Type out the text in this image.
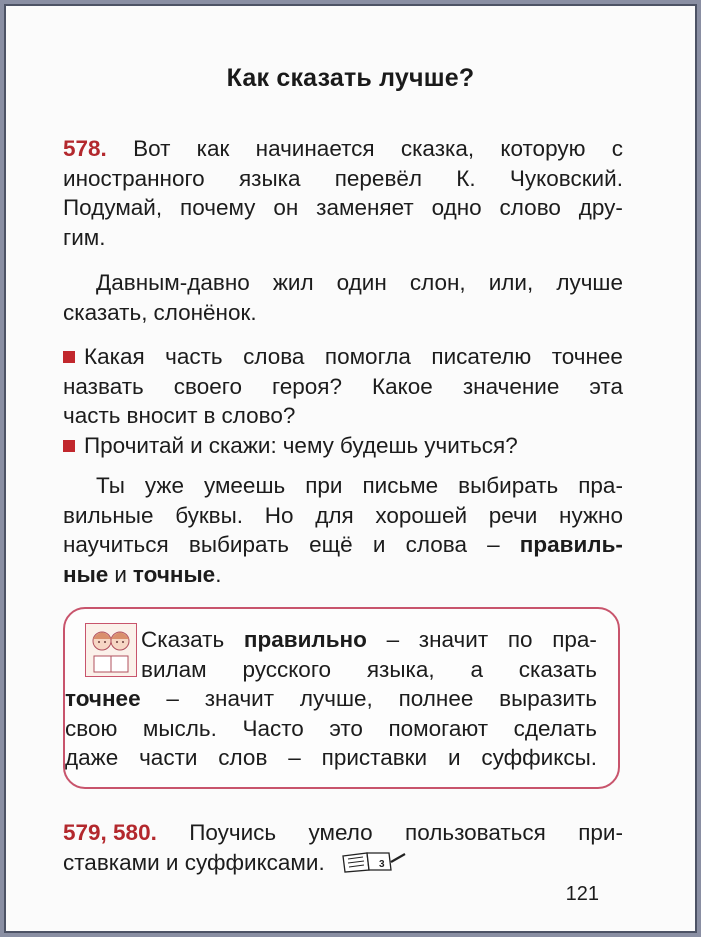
Как сказать лучше?
578. Вот как начинается сказка, которую с
иностранного языка перевёл К. Чуковский.
Подумай, почему он заменяет одно слово дру-
гим.
Давным-давно жил один слон, или, лучше
сказать, слонёнок.
Какая часть слова помогла писателю точнее
назвать своего героя? Какое значение эта
часть вносит в слово?
Прочитай и скажи: чему будешь учиться?
Ты уже умеешь при письме выбирать пра-
вильные буквы. Но для хорошей речи нужно
научиться выбирать ещё и слова – правиль-
ные и точные.
Сказать правильно – значит по пра-
вилам русского языка, а сказать
точнее – значит лучше, полнее выразить
свою мысль. Часто это помогают сделать
даже части слов – приставки и суффиксы.
579, 580. Поучись умело пользоваться при-
ставками и суффиксами.	3
121
